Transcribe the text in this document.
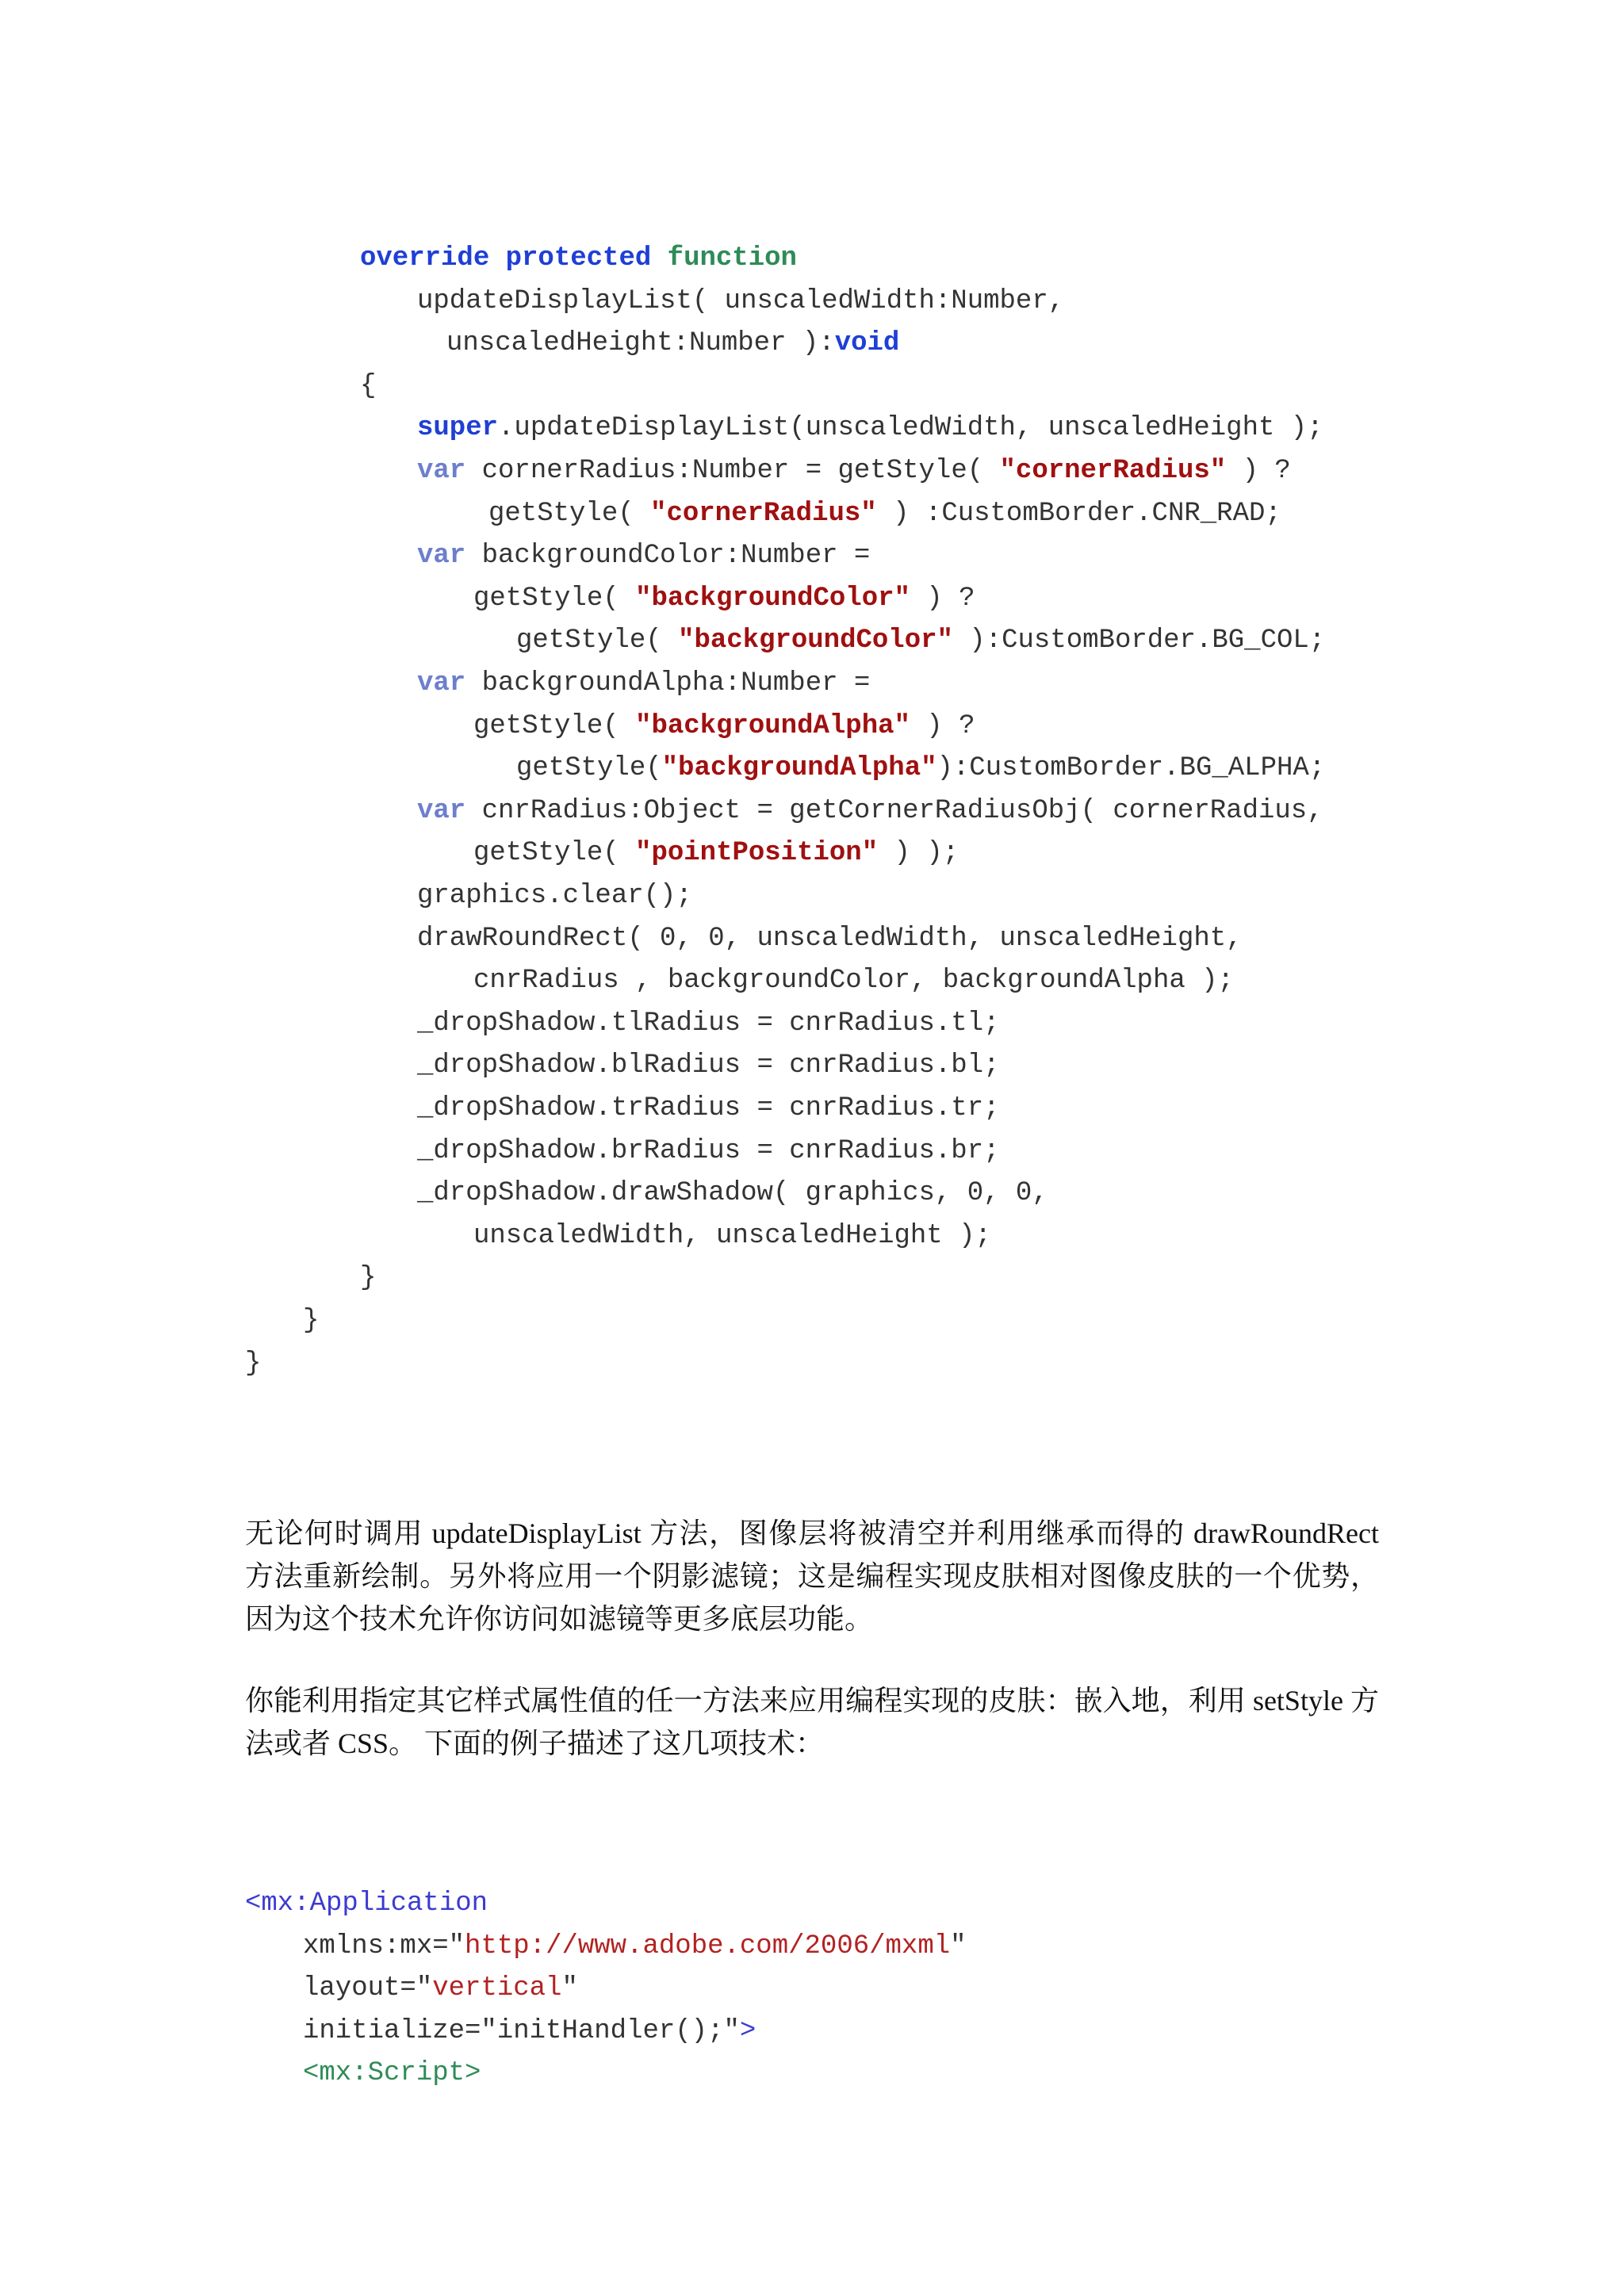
override protected function
updateDisplayList( unscaledWidth:Number,
unscaledHeight:Number ):void
{
super.updateDisplayList(unscaledWidth, unscaledHeight );
var cornerRadius:Number = getStyle( "cornerRadius" ) ?
getStyle( "cornerRadius" ) :CustomBorder.CNR_RAD;
var backgroundColor:Number =
getStyle( "backgroundColor" ) ?
getStyle( "backgroundColor" ):CustomBorder.BG_COL;
var backgroundAlpha:Number =
getStyle( "backgroundAlpha" ) ?
getStyle("backgroundAlpha"):CustomBorder.BG_ALPHA;
var cnrRadius:Object = getCornerRadiusObj( cornerRadius,
getStyle( "pointPosition" ) );
graphics.clear();
drawRoundRect( 0, 0, unscaledWidth, unscaledHeight,
cnrRadius , backgroundColor, backgroundAlpha );
_dropShadow.tlRadius = cnrRadius.tl;
_dropShadow.blRadius = cnrRadius.bl;
_dropShadow.trRadius = cnrRadius.tr;
_dropShadow.brRadius = cnrRadius.br;
_dropShadow.drawShadow( graphics, 0, 0,
unscaledWidth, unscaledHeight );
}
}
}
无论何时调用 updateDisplayList 方法，图像层将被清空并利用继承而得的 drawRoundRect 方法重新绘制。另外将应用一个阴影滤镜；这是编程实现皮肤相对图像皮肤的一个优势，因为这个技术允许你访问如滤镜等更多底层功能。
你能利用指定其它样式属性值的任一方法来应用编程实现的皮肤：嵌入地，利用 setStyle 方法或者 CSS。 下面的例子描述了这几项技术：
<mx:Application
xmlns:mx="http://www.adobe.com/2006/mxml"
layout="vertical"
initialize="initHandler();">
<mx:Script>
